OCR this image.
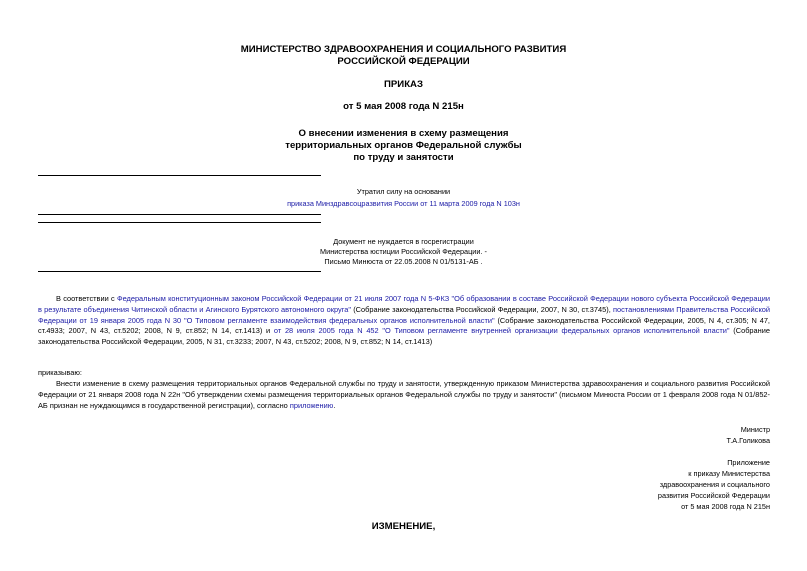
МИНИСТЕРСТВО ЗДРАВООХРАНЕНИЯ И СОЦИАЛЬНОГО РАЗВИТИЯ
РОССИЙСКОЙ ФЕДЕРАЦИИ
ПРИКАЗ
от 5 мая 2008 года N 215н
О внесении изменения в схему размещения
территориальных органов Федеральной службы
по труду и занятости
Утратил силу на основании
приказа Минздравсоцразвития России от 11 марта 2009 года N 103н
Документ не нуждается в госрегистрации
Министерства юстиции Российской Федерации. -
Письмо Минюста от 22.05.2008 N 01/5131-АБ .

В соответствии с Федеральным конституционным законом Российской Федерации от 21 июля 2007 года N 5-ФКЗ "Об образовании в составе Российской Федерации нового субъекта Российской Федерации в результате объединения Читинской области и Агинского Бурятского автономного округа" (Собрание законодательства Российской Федерации, 2007, N 30, ст.3745), постановлениями Правительства Российской Федерации от 19 января 2005 года N 30 "О Типовом регламенте взаимодействия федеральных органов исполнительной власти" (Собрание законодательства Российской Федерации, 2005, N 4, ст.305; N 47, ст.4933; 2007, N 43, ст.5202; 2008, N 9, ст.852; N 14, ст.1413) и от 28 июля 2005 года N 452 "О Типовом регламенте внутренней организации федеральных органов исполнительной власти" (Собрание законодательства Российской Федерации, 2005, N 31, ст.3233; 2007, N 43, ст.5202; 2008, N 9, ст.852; N 14, ст.1413)

приказываю:

Внести изменение в схему размещения территориальных органов Федеральной службы по труду и занятости, утвержденную приказом Министерства здравоохранения и социального развития Российской Федерации от 21 января 2008 года N 22н "Об утверждении схемы размещения территориальных органов Федеральной службы по труду и занятости" (письмом Минюста России от 1 февраля 2008 года N 01/852-АБ признан не нуждающимся в государственной регистрации), согласно приложению.

Министр
Т.А.Голикова
Приложение
к приказу Министерства
здравоохранения и социального
развития Российской Федерации
от 5 мая 2008 года N 215н
ИЗМЕНЕНИЕ,
